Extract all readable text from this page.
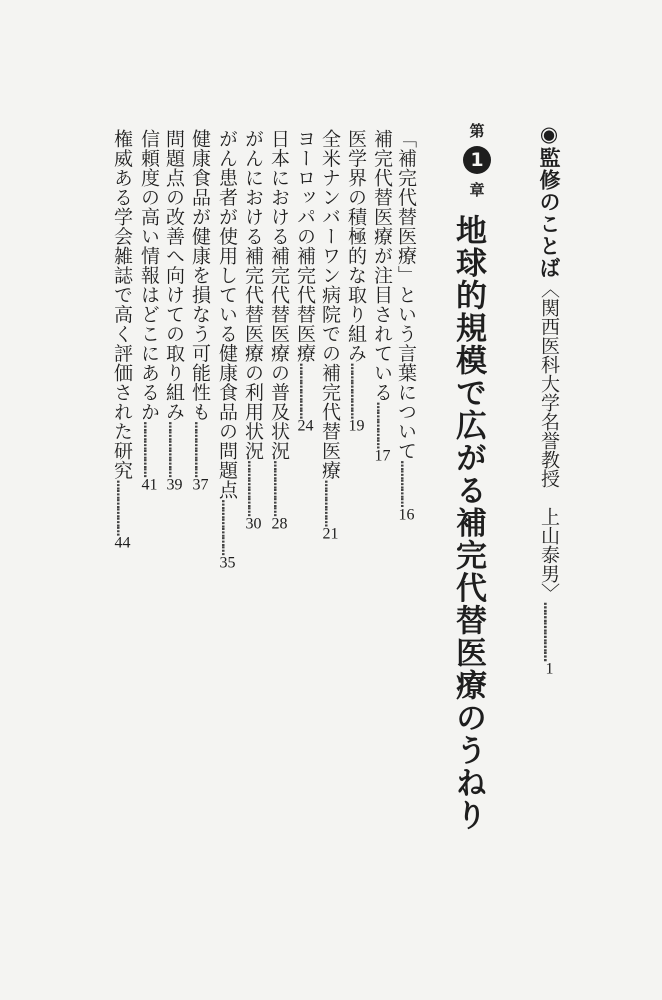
◉監修のことば〈関西医科大学名誉教授　上山泰男〉………………1
第
1
章
地球的規模で広がる補完代替医療のうねり
「補完代替医療」という言葉について……………16
補完代替医療が注目されている……………17
医学界の積極的な取り組み………………19
全米ナンバーワン病院での補完代替医療……………21
ヨーロッパの補完代替医療………………24
日本における補完代替医療の普及状況………………28
がんにおける補完代替医療の利用状況………………30
がん患者が使用している健康食品の問題点………………35
健康食品が健康を損なう可能性も………………37
問題点の改善へ向けての取り組み………………39
信頼度の高い情報はどこにあるか………………41
権威ある学会雑誌で高く評価された研究………………44
